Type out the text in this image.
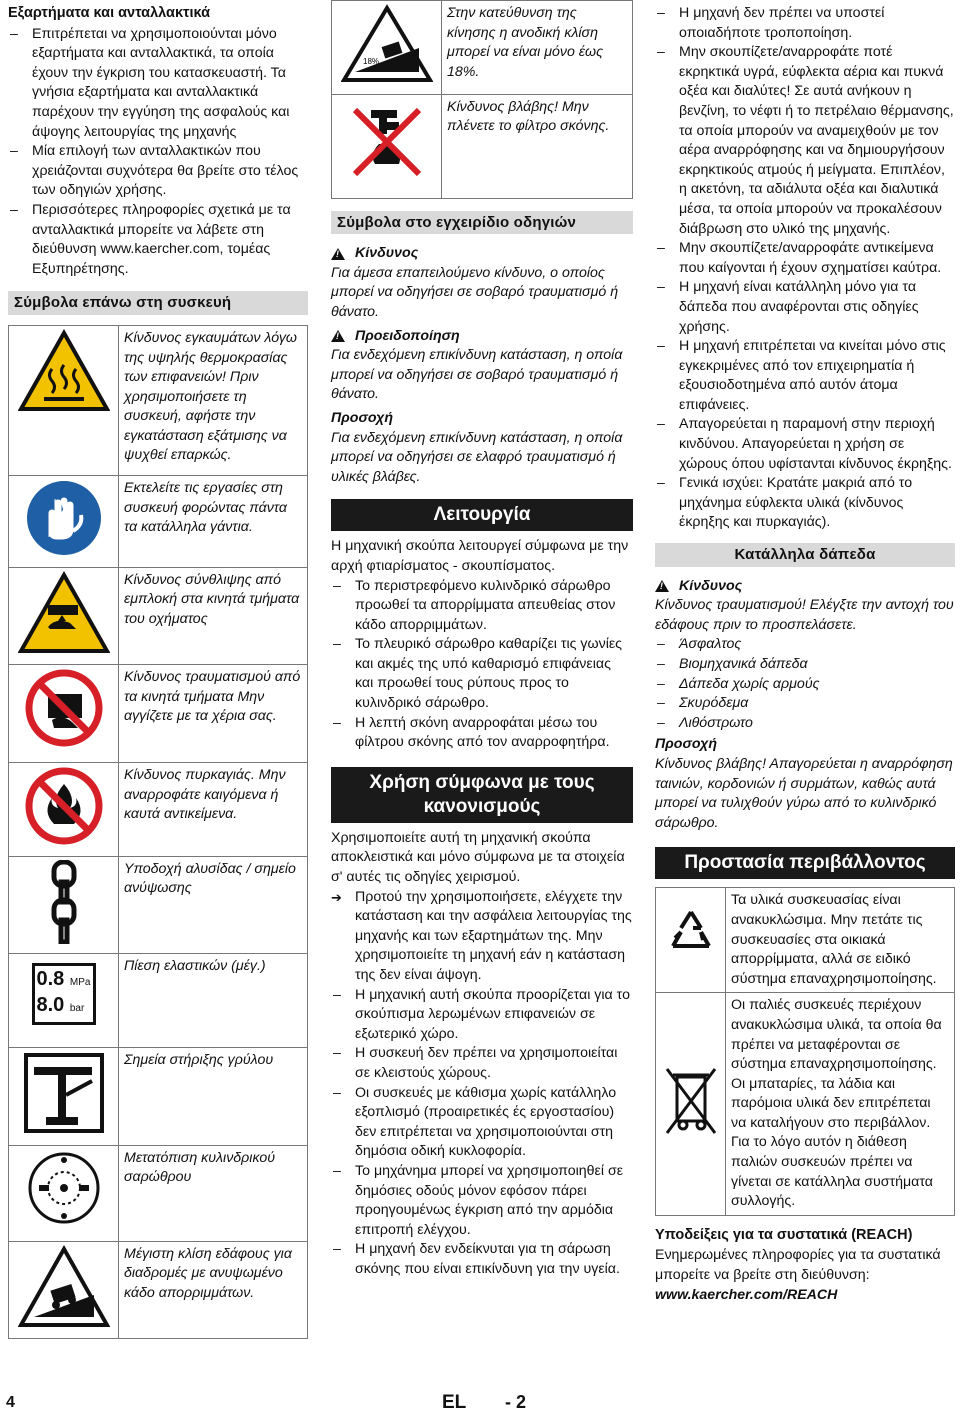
Εξαρτήματα και ανταλλακτικά

– Επιτρέπεται να χρησιμοποιούνται μόνο εξαρτήματα και ανταλλακτικά, τα οποία έχουν την έγκριση του κατασκευαστή. Τα γνήσια εξαρτήματα και ανταλλακτικά παρέχουν την εγγύηση της ασφαλούς και άψογης λειτουργίας της μηχανής

– Μία επιλογή των ανταλλακτικών που χρειάζονται συχνότερα θα βρείτε στο τέλος των οδηγιών χρήσης.

– Περισσότερες πληροφορίες σχετικά με τα ανταλλακτικά μπορείτε να λάβετε στη διεύθυνση www.kaercher.com, τομέας Εξυπηρέτησης.

Σύμβολα επάνω στη συσκευή
	Κίνδυνος εγκαυμάτων λόγω της υψηλής θερμοκρασίας των επιφανειών! Πριν χρησιμοποιήσετε τη συσκευή, αφήστε την εγκατάσταση εξάτμισης να ψυχθεί επαρκώς.
	Εκτελείτε τις εργασίες στη συσκευή φορώντας πάντα τα κατάλληλα γάντια.
	Κίνδυνος σύνθλιψης από εμπλοκή στα κινητά τμήματα του οχήματος
	Κίνδυνος τραυματισμού από τα κινητά τμήματα Μην αγγίζετε με τα χέρια σας.
	Κίνδυνος πυρκαγιάς. Μην αναρροφάτε καιγόμενα ή καυτά αντικείμενα.
	Υποδοχή αλυσίδας / σημείο ανύψωσης

0.8 MPa
8.0 bar	Πίεση ελαστικών (μέγ.)
	Σημεία στήριξης γρύλου
	Μετατόπιση κυλινδρικού σαρώθρου
	Μέγιστη κλίση εδάφους για διαδρομές με ανυψωμένο κάδο απορριμμάτων.
18%	Στην κατεύθυνση της κίνησης η ανοδική κλίση μπορεί να είναι μόνο έως 18%.
	Κίνδυνος βλάβης! Μην πλένετε το φίλτρο σκόνης.
Σύμβολα στο εγχειρίδιο οδηγιών

!
Κίνδυνος

Για άμεσα επαπειλούμενο κίνδυνο, ο οποίος μπορεί να οδηγήσει σε σοβαρό τραυματισμό ή θάνατο.

!
Προειδοποίηση

Για ενδεχόμενη επικίνδυνη κατάσταση, η οποία μπορεί να οδηγήσει σε σοβαρό τραυματισμό ή θάνατο.

Προσοχή

Για ενδεχόμενη επικίνδυνη κατάσταση, η οποία μπορεί να οδηγήσει σε ελαφρό τραυματισμό ή υλικές βλάβες.

Λειτουργία

Η μηχανική σκούπα λειτουργεί σύμφωνα με την αρχή φτιαρίσματος - σκουπίσματος.

– Το περιστρεφόμενο κυλινδρικό σάρωθρο προωθεί τα απορρίμματα απευθείας στον κάδο απορριμμάτων.

– Το πλευρικό σάρωθρο καθαρίζει τις γωνίες και ακμές της υπό καθαρισμό επιφάνειας και προωθεί τους ρύπους προς το κυλινδρικό σάρωθρο.

– Η λεπτή σκόνη αναρροφάται μέσω του φίλτρου σκόνης από τον αναρροφητήρα.

Χρήση σύμφωνα με τους κανονισμούς

Χρησιμοποιείτε αυτή τη μηχανική σκούπα αποκλειστικά και μόνο σύμφωνα με τα στοιχεία σ' αυτές τις οδηγίες χειρισμού.

➔ Προτού την χρησιμοποιήσετε, ελέγχετε την κατάσταση και την ασφάλεια λειτουργίας της μηχανής και των εξαρτημάτων της. Μην χρησιμοποιείτε τη μηχανή εάν η κατάσταση της δεν είναι άψογη.

– Η μηχανική αυτή σκούπα προορίζεται για το σκούπισμα λερωμένων επιφανειών σε εξωτερικό χώρο.

– Η συσκευή δεν πρέπει να χρησιμοποιείται σε κλειστούς χώρους.

– Οι συσκευές με κάθισμα χωρίς κατάλληλο εξοπλισμό (προαιρετικές ές εργοστασίου) δεν επιτρέπεται να χρησιμοποιούνται στη δημόσια οδική κυκλοφορία.

– Το μηχάνημα μπορεί να χρησιμοποιηθεί σε δημόσιες οδούς μόνον εφόσον πάρει προηγουμένως έγκριση από την αρμόδια επιτροπή ελέγχου.

– Η μηχανή δεν ενδείκνυται για τη σάρωση σκόνης που είναι επικίνδυνη για την υγεία.

– Η μηχανή δεν πρέπει να υποστεί οποιαδήποτε τροποποίηση.

– Μην σκουπίζετε/αναρροφάτε ποτέ εκρηκτικά υγρά, εύφλεκτα αέρια και πυκνά οξέα και διαλύτες! Σε αυτά ανήκουν η βενζίνη, το νέφτι ή το πετρέλαιο θέρμανσης, τα οποία μπορούν να αναμειχθούν με τον αέρα αναρρόφησης και να δημιουργήσουν εκρηκτικούς ατμούς ή μείγματα. Επιπλέον, η ακετόνη, τα αδιάλυτα οξέα και διαλυτικά μέσα, τα οποία μπορούν να προκαλέσουν διάβρωση στο υλικό της μηχανής.

– Μην σκουπίζετε/αναρροφάτε αντικείμενα που καίγονται ή έχουν σχηματίσει καύτρα.

– Η μηχανή είναι κατάλληλη μόνο για τα δάπεδα που αναφέρονται στις οδηγίες χρήσης.

– Η μηχανή επιτρέπεται να κινείται μόνο στις εγκεκριμένες από τον επιχειρηματία ή εξουσιοδοτημένα από αυτόν άτομα επιφάνειες.

– Απαγορεύεται η παραμονή στην περιοχή κινδύνου. Απαγορεύεται η χρήση σε χώρους όπου υφίστανται κίνδυνος έκρηξης.

– Γενικά ισχύει: Κρατάτε μακριά από το μηχάνημα εύφλεκτα υλικά (κίνδυνος έκρηξης και πυρκαγιάς).

Κατάλληλα δάπεδα

!
Κίνδυνος

Κίνδυνος τραυματισμού! Ελέγξτε την αντοχή του εδάφους πριν το προσπελάσετε.

– Άσφαλτος

– Βιομηχανικά δάπεδα

– Δάπεδα χωρίς αρμούς

– Σκυρόδεμα

– Λιθόστρωτο

Προσοχή

Κίνδυνος βλάβης! Απαγορεύεται η αναρρόφηση ταινιών, κορδονιών ή συρμάτων, καθώς αυτά μπορεί να τυλιχθούν γύρω από το κυλινδρικό σάρωθρο.

Προστασία περιβάλλοντος
	Τα υλικά συσκευασίας είναι ανακυκλώσιμα. Μην πετάτε τις συσκευασίες στα οικιακά απορρίμματα, αλλά σε ειδικό σύστημα επαναχρησιμοποίησης.
	Οι παλιές συσκευές περιέχουν ανακυκλώσιμα υλικά, τα οποία θα πρέπει να μεταφέρονται σε σύστημα επαναχρησιμοποίησης. Οι μπαταρίες, τα λάδια και παρόμοια υλικά δεν επιτρέπεται να καταλήγουν στο περιβάλλον. Για το λόγο αυτόν η διάθεση παλιών συσκευών πρέπει να γίνεται σε κατάλληλα συστήματα συλλογής.

Υποδείξεις για τα συστατικά (REACH)

Ενημερωμένες πληροφορίες για τα συστατικά μπορείτε να βρείτε στη διεύθυνση:

www.kaercher.com/REACH

4	EL - 2
